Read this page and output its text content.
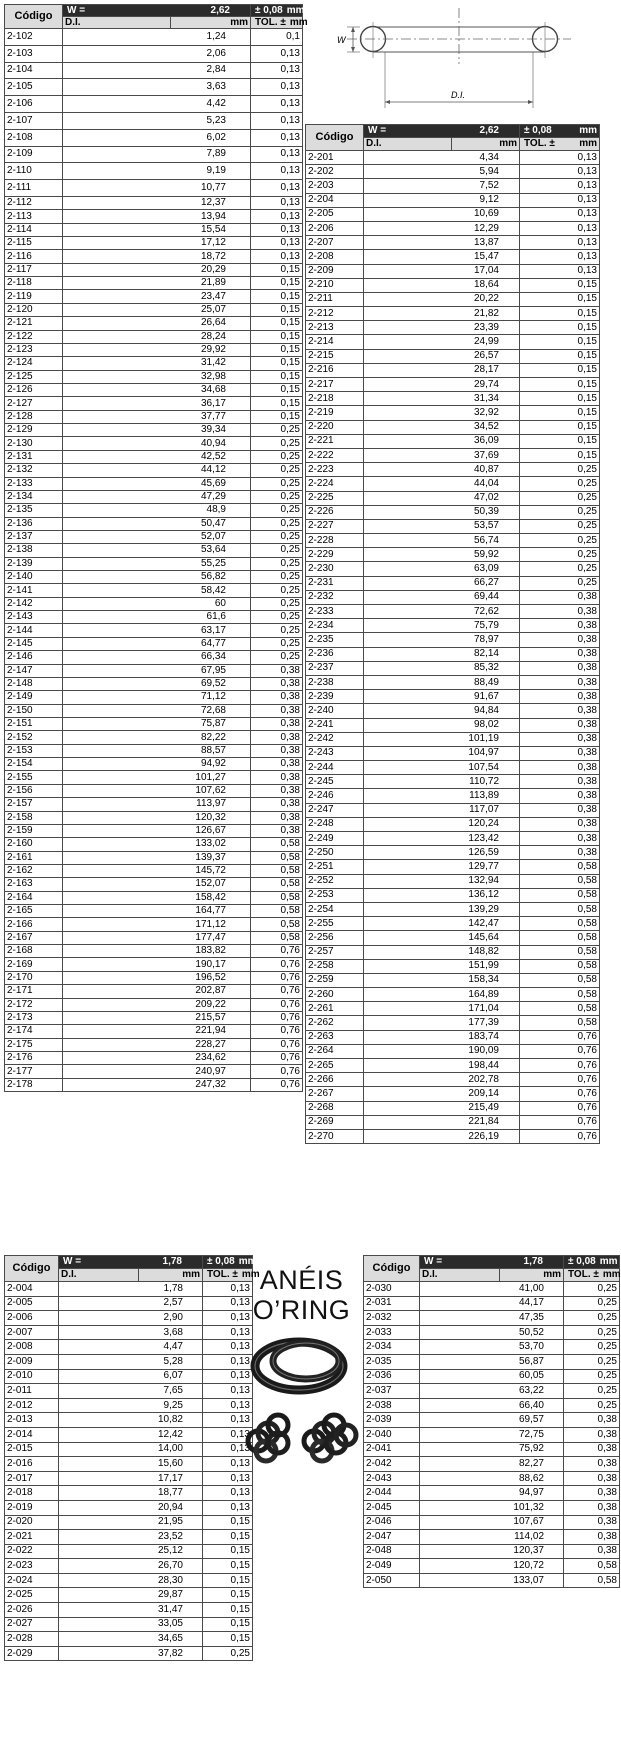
Código	W = 2,62		± 0,08 mm

	D.I.	mm	TOL. ± mm

2-102	1,24		0,1
2-103	2,06		0,13
2-104	2,84		0,13
2-105	3,63		0,13
2-106	4,42		0,13
2-107	5,23		0,13
2-108	6,02		0,13
2-109	7,89		0,13
2-110	9,19		0,13
2-111	10,77		0,13
2-112	12,37		0,13
2-113	13,94		0,13
2-114	15,54		0,13
2-115	17,12		0,13
2-116	18,72		0,13
2-117	20,29		0,15
2-118	21,89		0,15
2-119	23,47		0,15
2-120	25,07		0,15
2-121	26,64		0,15
2-122	28,24		0,15
2-123	29,92		0,15
2-124	31,42		0,15
2-125	32,98		0,15
2-126	34,68		0,15
2-127	36,17		0,15
2-128	37,77		0,15
2-129	39,34		0,25
2-130	40,94		0,25
2-131	42,52		0,25
2-132	44,12		0,25
2-133	45,69		0,25
2-134	47,29		0,25
2-135	48,9		0,25
2-136	50,47		0,25
2-137	52,07		0,25
2-138	53,64		0,25
2-139	55,25		0,25
2-140	56,82		0,25
2-141	58,42		0,25
2-142	60		0,25
2-143	61,6		0,25
2-144	63,17		0,25
2-145	64,77		0,25
2-146	66,34		0,25
2-147	67,95		0,38
2-148	69,52		0,38
2-149	71,12		0,38
2-150	72,68		0,38
2-151	75,87		0,38
2-152	82,22		0,38
2-153	88,57		0,38
2-154	94,92		0,38
2-155	101,27		0,38
2-156	107,62		0,38
2-157	113,97		0,38
2-158	120,32		0,38
2-159	126,67		0,38
2-160	133,02		0,58
2-161	139,37		0,58
2-162	145,72		0,58
2-163	152,07		0,58
2-164	158,42		0,58
2-165	164,77		0,58
2-166	171,12		0,58
2-167	177,47		0,58
2-168	183,82		0,76
2-169	190,17		0,76
2-170	196,52		0,76
2-171	202,87		0,76
2-172	209,22		0,76
2-173	215,57		0,76
2-174	221,94		0,76
2-175	228,27		0,76
2-176	234,62		0,76
2-177	240,97		0,76
2-178	247,32		0,76
Código	W = 2,62		± 0,08 mm

	D.I.	mm	TOL. ± mm

2-201	4,34		0,13
2-202	5,94		0,13
2-203	7,52		0,13
2-204	9,12		0,13
2-205	10,69		0,13
2-206	12,29		0,13
2-207	13,87		0,13
2-208	15,47		0,13
2-209	17,04		0,13
2-210	18,64		0,15
2-211	20,22		0,15
2-212	21,82		0,15
2-213	23,39		0,15
2-214	24,99		0,15
2-215	26,57		0,15
2-216	28,17		0,15
2-217	29,74		0,15
2-218	31,34		0,15
2-219	32,92		0,15
2-220	34,52		0,15
2-221	36,09		0,15
2-222	37,69		0,15
2-223	40,87		0,25
2-224	44,04		0,25
2-225	47,02		0,25
2-226	50,39		0,25
2-227	53,57		0,25
2-228	56,74		0,25
2-229	59,92		0,25
2-230	63,09		0,25
2-231	66,27		0,25
2-232	69,44		0,38
2-233	72,62		0,38
2-234	75,79		0,38
2-235	78,97		0,38
2-236	82,14		0,38
2-237	85,32		0,38
2-238	88,49		0,38
2-239	91,67		0,38
2-240	94,84		0,38
2-241	98,02		0,38
2-242	101,19		0,38
2-243	104,97		0,38
2-244	107,54		0,38
2-245	110,72		0,38
2-246	113,89		0,38
2-247	117,07		0,38
2-248	120,24		0,38
2-249	123,42		0,38
2-250	126,59		0,38
2-251	129,77		0,58
2-252	132,94		0,58
2-253	136,12		0,58
2-254	139,29		0,58
2-255	142,47		0,58
2-256	145,64		0,58
2-257	148,82		0,58
2-258	151,99		0,58
2-259	158,34		0,58
2-260	164,89		0,58
2-261	171,04		0,58
2-262	177,39		0,58
2-263	183,74		0,76
2-264	190,09		0,76
2-265	198,44		0,76
2-266	202,78		0,76
2-267	209,14		0,76
2-268	215,49		0,76
2-269	221,84		0,76
2-270	226,19		0,76
Código	W = 1,78		± 0,08 mm

	D.I.	mm	TOL. ± mm

2-004	1,78		0,13
2-005	2,57		0,13
2-006	2,90		0,13
2-007	3,68		0,13
2-008	4,47		0,13
2-009	5,28		0,13
2-010	6,07		0,13
2-011	7,65		0,13
2-012	9,25		0,13
2-013	10,82		0,13
2-014	12,42		0,13
2-015	14,00		0,13
2-016	15,60		0,13
2-017	17,17		0,13
2-018	18,77		0,13
2-019	20,94		0,13
2-020	21,95		0,15
2-021	23,52		0,15
2-022	25,12		0,15
2-023	26,70		0,15
2-024	28,30		0,15
2-025	29,87		0,15
2-026	31,47		0,15
2-027	33,05		0,15
2-028	34,65		0,15
2-029	37,82		0,25
Código	W = 1,78		± 0,08 mm

	D.I.	mm	TOL. ± mm

2-030	41,00		0,25
2-031	44,17		0,25
2-032	47,35		0,25
2-033	50,52		0,25
2-034	53,70		0,25
2-035	56,87		0,25
2-036	60,05		0,25
2-037	63,22		0,25
2-038	66,40		0,25
2-039	69,57		0,38
2-040	72,75		0,38
2-041	75,92		0,38
2-042	82,27		0,38
2-043	88,62		0,38
2-044	94,97		0,38
2-045	101,32		0,38
2-046	107,67		0,38
2-047	114,02		0,38
2-048	120,37		0,38
2-049	120,72		0,58
2-050	133,07		0,58
W
D.I.
ANÉIS
O’RING
